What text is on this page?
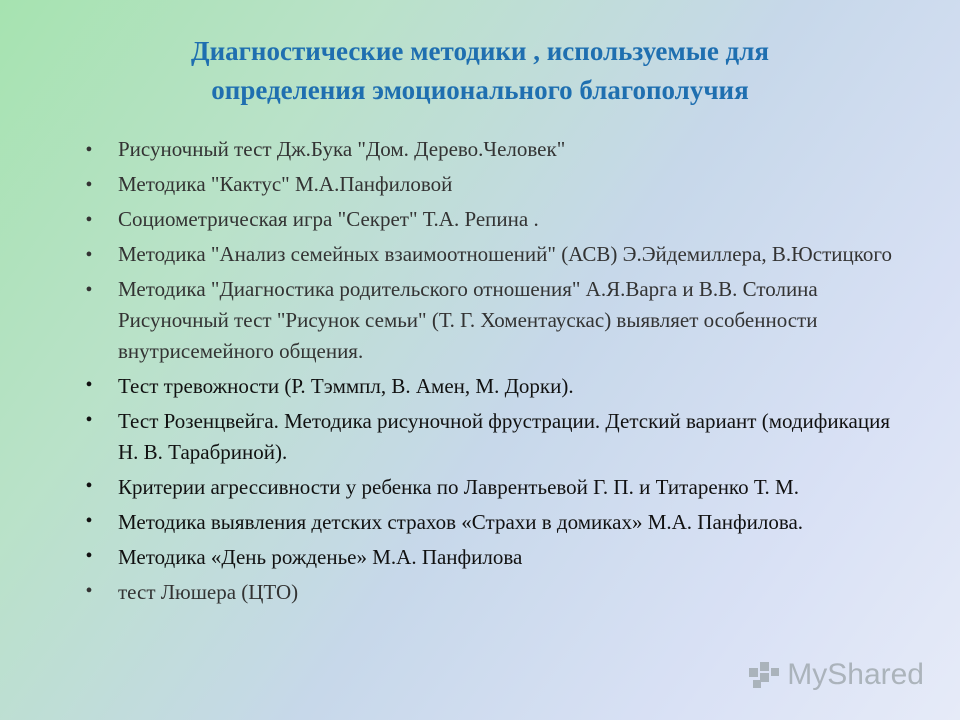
Диагностические методики , используемые для
определения эмоционального благополучия
● Рисуночный тест Дж.Бука "Дом. Дерево.Человек"
● Методика "Кактус" М.А.Панфиловой
● Социометрическая игра "Секрет" Т.А. Репина .
● Методика "Анализ семейных взаимоотношений" (АСВ) Э.Эйдемиллера, В.Юстицкого
● Методика "Диагностика родительского отношения" А.Я.Варга и В.В. Столина Рисуночный тест "Рисунок семьи" (Т. Г. Хоментаускас) выявляет особенности внутрисемейного общения.
• Тест тревожности (Р. Тэммпл, В. Амен, М. Дорки).
• Тест Розенцвейга. Методика рисуночной фрустрации. Детский вариант (модификация Н. В. Тарабриной).
• Критерии агрессивности у ребенка по Лаврентьевой Г. П. и Титаренко Т. М.
• Методика выявления детских страхов «Страхи в домиках» М.А. Панфилова.
• Методика «День рожденье» М.А. Панфилова
• тест Люшера (ЦТО)
MyShared
